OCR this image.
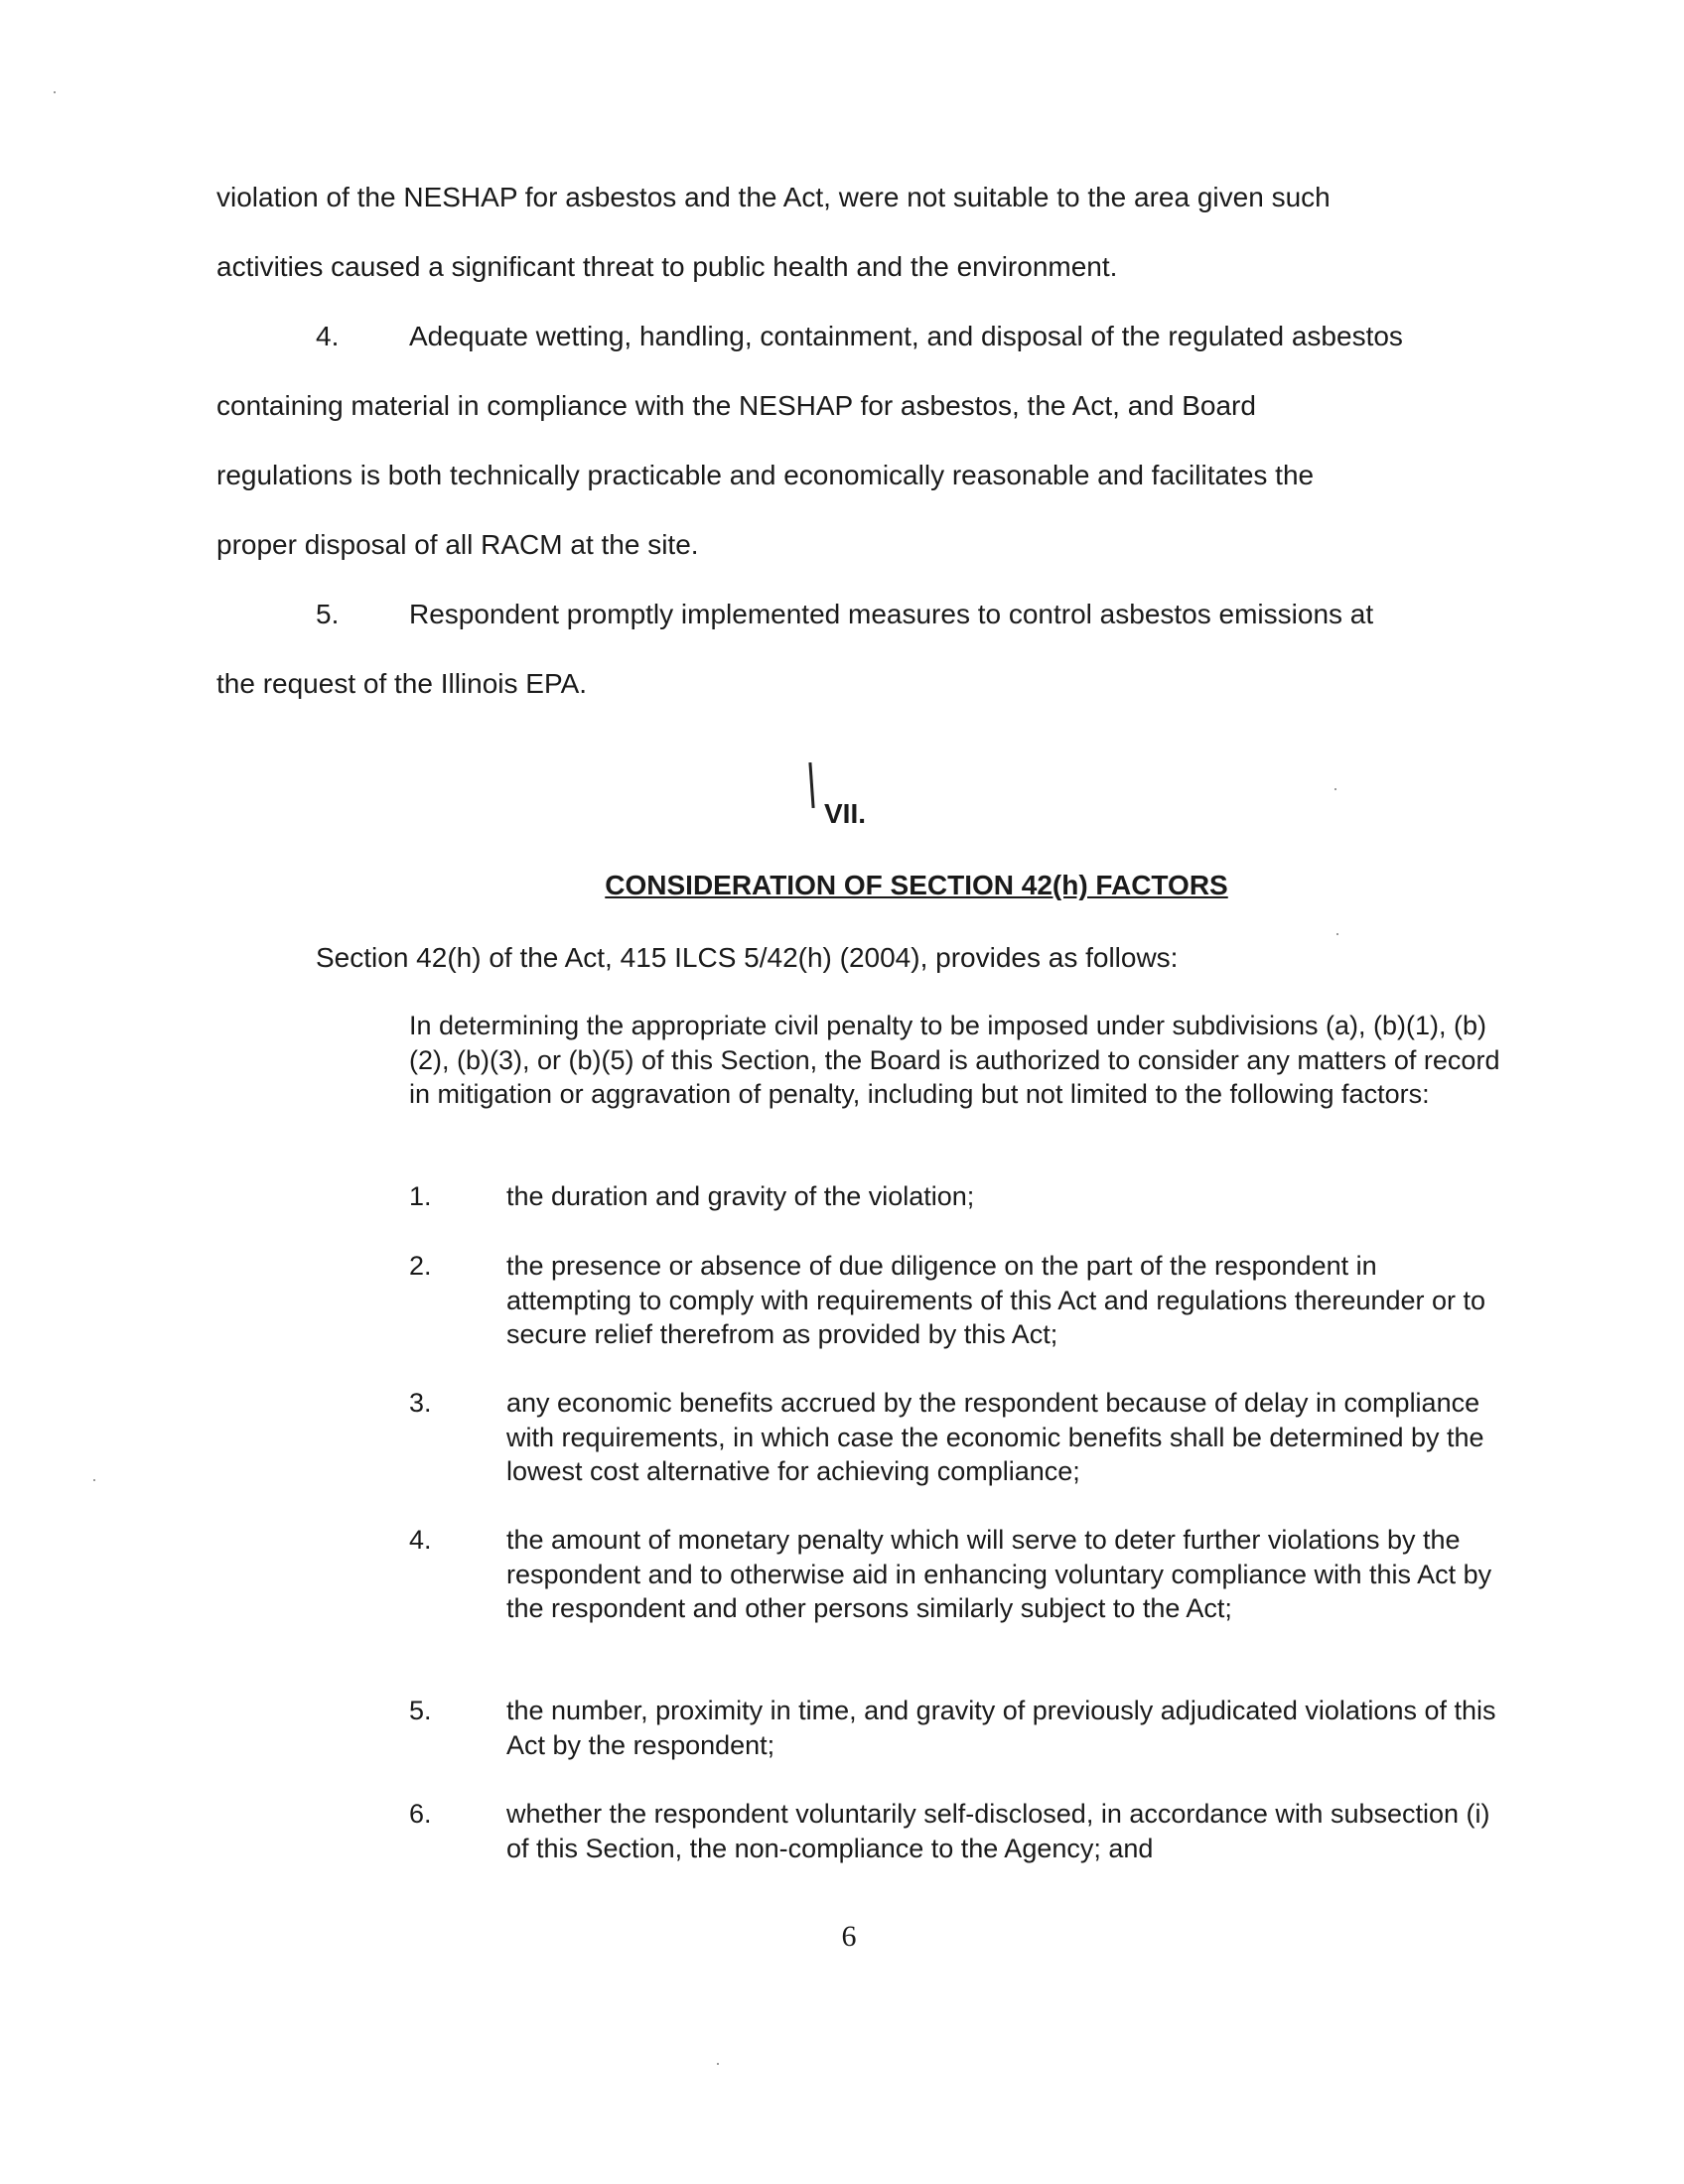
violation of the NESHAP for asbestos and the Act, were not suitable to the area given such
activities caused a significant threat to public health and the environment.
4.	Adequate wetting, handling, containment, and disposal of the regulated asbestos
containing material in compliance with the NESHAP for asbestos, the Act, and Board
regulations is both technically practicable and economically reasonable and facilitates the
proper disposal of all RACM at the site.
5.	Respondent promptly implemented measures to control asbestos emissions at
the request of the Illinois EPA.
VII.
CONSIDERATION OF SECTION 42(h) FACTORS
Section 42(h) of the Act, 415 ILCS 5/42(h) (2004), provides as follows:

In determining the appropriate civil penalty to be imposed under subdivisions (a), (b)(1), (b)(2), (b)(3), or (b)(5) of this Section, the Board is authorized to consider any matters of record in mitigation or aggravation of penalty, including but not limited to the following factors:

1.	the duration and gravity of the violation;
2.	the presence or absence of due diligence on the part of the respondent in attempting to comply with requirements of this Act and regulations thereunder or to secure relief therefrom as provided by this Act;
3.	any economic benefits accrued by the respondent because of delay in compliance with requirements, in which case the economic benefits shall be determined by the lowest cost alternative for achieving compliance;
4.	the amount of monetary penalty which will serve to deter further violations by the respondent and to otherwise aid in enhancing voluntary compliance with this Act by the respondent and other persons similarly subject to the Act;
5.	the number, proximity in time, and gravity of previously adjudicated violations of this Act by the respondent;
6.	whether the respondent voluntarily self-disclosed, in accordance with subsection (i) of this Section, the non-compliance to the Agency; and
6
